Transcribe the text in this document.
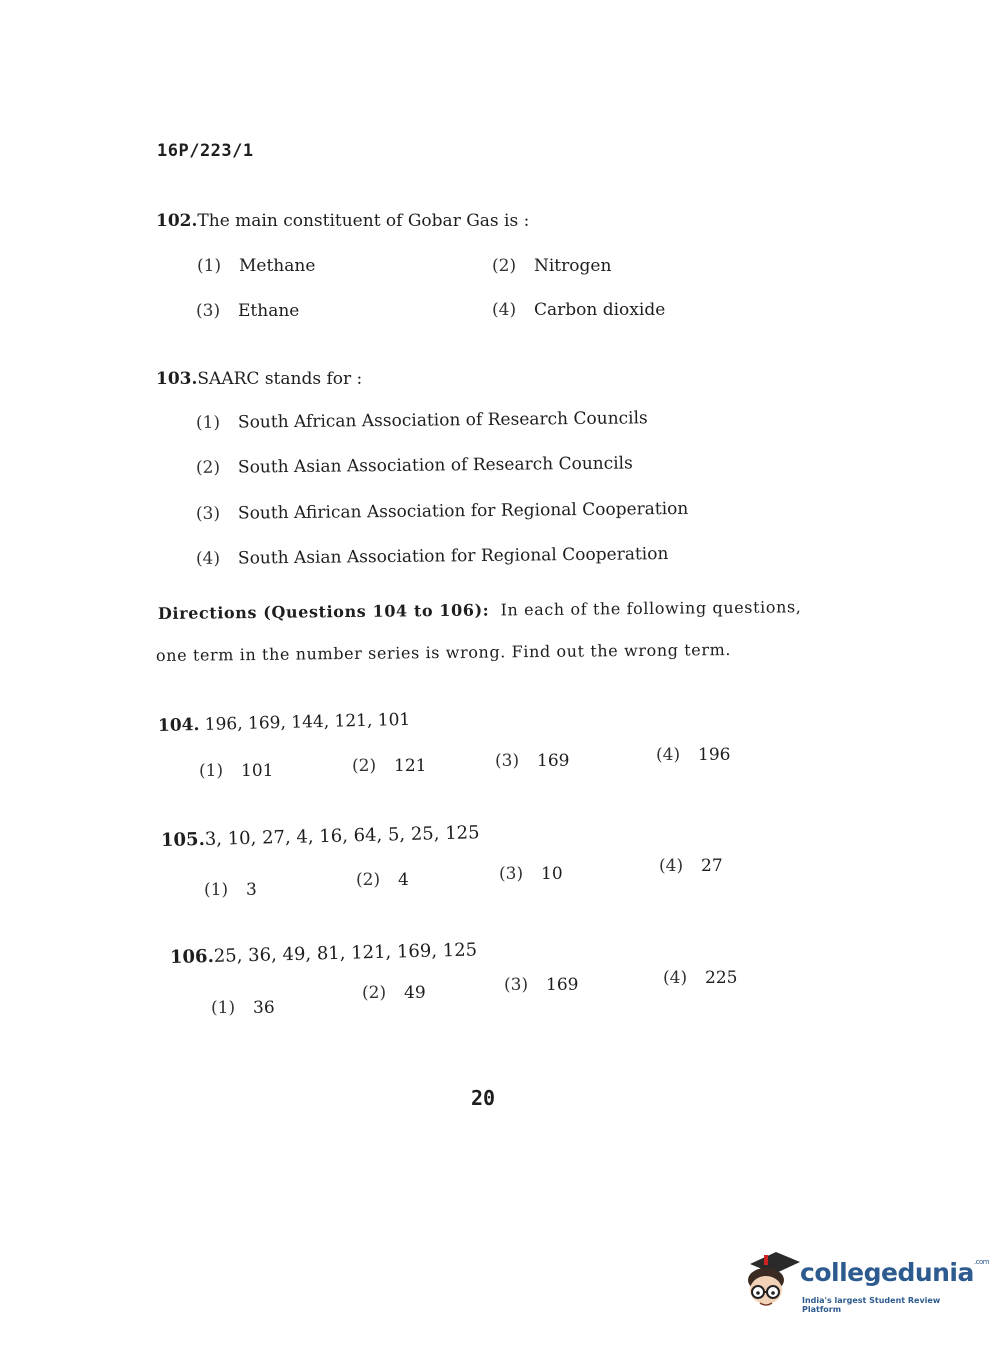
16P/223/1
102.The main constituent of Gobar Gas is :
(1) Methane	(2) Nitrogen
(3) Ethane	(4) Carbon dioxide
103.SAARC stands for :
(1) South African Association of Research Councils
(2) South Asian Association of Research Councils
(3) South Afirican Association for Regional Cooperation
(4) South Asian Association for Regional Cooperation
Directions (Questions 104 to 106): In each of the following questions,
one term in the number series is wrong. Find out the wrong term.
104. 196, 169, 144, 121, 101
(1) 101	(2) 121	(3) 169	(4) 196
105.3, 10, 27, 4, 16, 64, 5, 25, 125
(1) 3	(2) 4	(3) 10	(4) 27
106.25, 36, 49, 81, 121, 169, 125
(1) 36
(2) 49	(3) 169	(4) 225
20
collegedunia$^{.com}$
India's largest Student Review Platform
